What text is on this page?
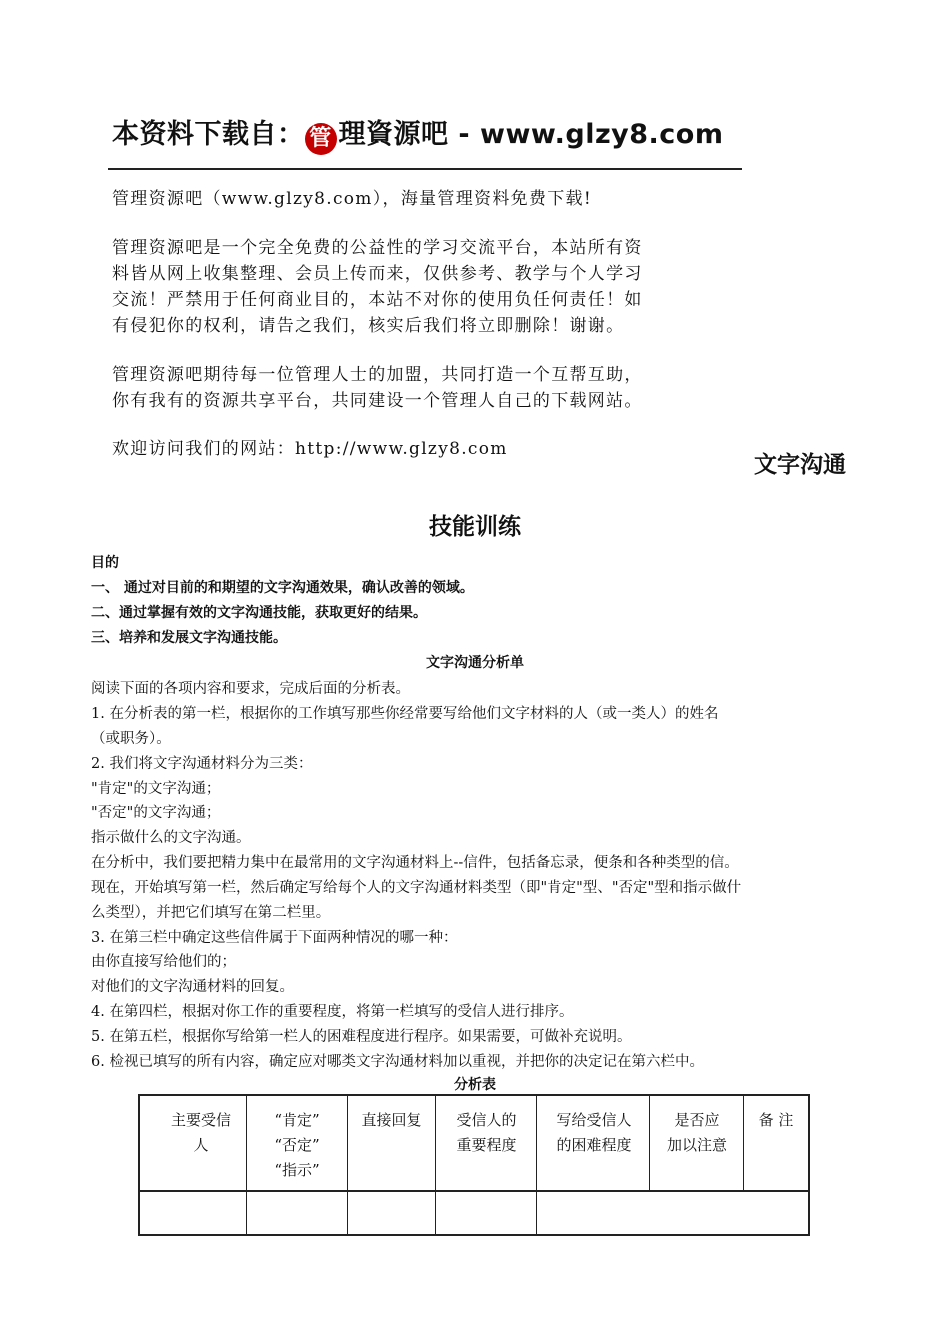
本资料下载自： 管 理資源吧 - www.glzy8.com
管理资源吧（www.glzy8.com），海量管理资料免费下载!
管理资源吧是一个完全免费的公益性的学习交流平台，本站所有资
料皆从网上收集整理、会员上传而来，仅供参考、教学与个人学习
交流！严禁用于任何商业目的，本站不对你的使用负任何责任！如
有侵犯你的权利，请告之我们，核实后我们将立即删除！谢谢。
管理资源吧期待每一位管理人士的加盟，共同打造一个互帮互助，
你有我有的资源共享平台，共同建设一个管理人自己的下载网站。
欢迎访问我们的网站：http://www.glzy8.com
文字沟通
技能训练
目的
一、 通过对目前的和期望的文字沟通效果，确认改善的领域。
二、通过掌握有效的文字沟通技能，获取更好的结果。
三、培养和发展文字沟通技能。
文字沟通分析单
阅读下面的各项内容和要求，完成后面的分析表。
1. 在分析表的第一栏，根据你的工作填写那些你经常要写给他们文字材料的人（或一类人）的姓名
（或职务）。
2. 我们将文字沟通材料分为三类：
"肯定"的文字沟通；
"否定"的文字沟通；
指示做什么的文字沟通。
在分析中，我们要把精力集中在最常用的文字沟通材料上--信件，包括备忘录，便条和各种类型的信。
现在，开始填写第一栏，然后确定写给每个人的文字沟通材料类型（即"肯定"型、"否定"型和指示做什
么类型），并把它们填写在第二栏里。
3. 在第三栏中确定这些信件属于下面两种情况的哪一种：
由你直接写给他们的；
对他们的文字沟通材料的回复。
4. 在第四栏，根据对你工作的重要程度，将第一栏填写的受信人进行排序。
5. 在第五栏，根据你写给第一栏人的困难程度进行程序。如果需要，可做补充说明。
6. 检视已填写的所有内容，确定应对哪类文字沟通材料加以重视，并把你的决定记在第六栏中。
分析表
主要受信
人
“肯定”
“否定”
“指示”
直接回复	受信人的
重要程度
写给受信人
的困难程度
是否应
加以注意
备 注
